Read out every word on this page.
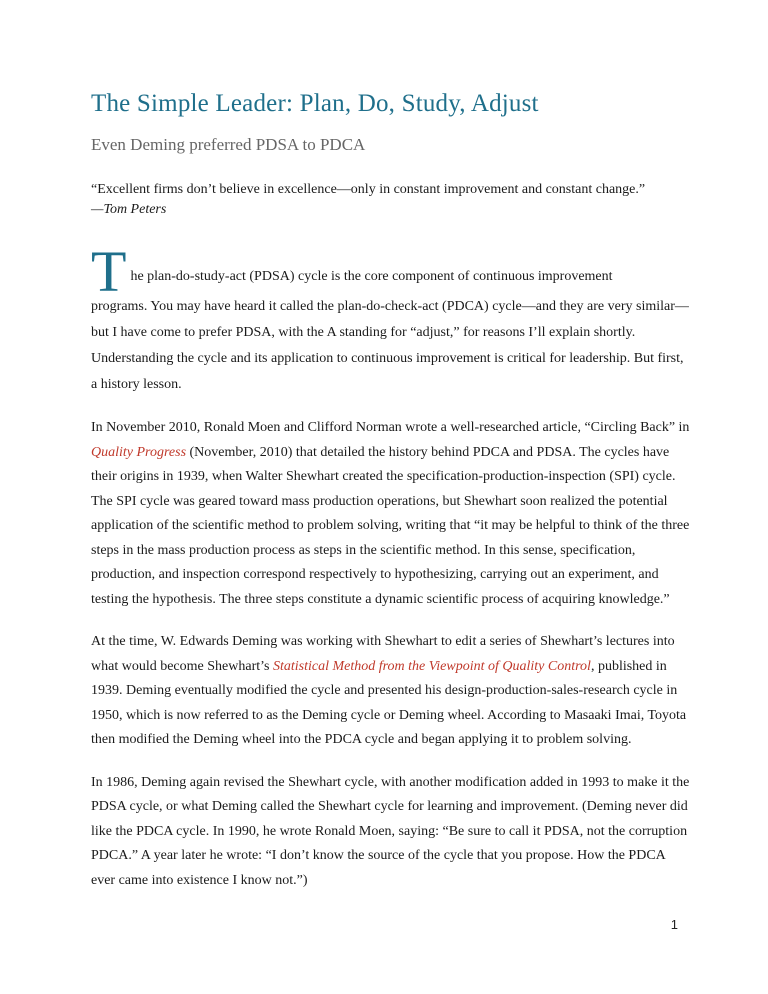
The Simple Leader: Plan, Do, Study, Adjust
Even Deming preferred PDSA to PDCA
“Excellent firms don’t believe in excellence—only in constant improvement and constant change.”
—Tom Peters
T he plan-do-study-act (PDSA) cycle is the core component of continuous improvement
programs. You may have heard it called the plan-do-check-act (PDCA) cycle—and they are very similar—but I have come to prefer PDSA, with the A standing for “adjust,” for reasons I’ll explain shortly. Understanding the cycle and its application to continuous improvement is critical for leadership. But first, a history lesson.

In November 2010, Ronald Moen and Clifford Norman wrote a well-researched article, “Circling Back” in Quality Progress (November, 2010) that detailed the history behind PDCA and PDSA. The cycles have their origins in 1939, when Walter Shewhart created the specification-production-inspection (SPI) cycle. The SPI cycle was geared toward mass production operations, but Shewhart soon realized the potential application of the scientific method to problem solving, writing that “it may be helpful to think of the three steps in the mass production process as steps in the scientific method. In this sense, specification, production, and inspection correspond respectively to hypothesizing, carrying out an experiment, and testing the hypothesis. The three steps constitute a dynamic scientific process of acquiring knowledge.”

At the time, W. Edwards Deming was working with Shewhart to edit a series of Shewhart’s lectures into what would become Shewhart’s Statistical Method from the Viewpoint of Quality Control, published in 1939. Deming eventually modified the cycle and presented his design-production-sales-research cycle in 1950, which is now referred to as the Deming cycle or Deming wheel. According to Masaaki Imai, Toyota then modified the Deming wheel into the PDCA cycle and began applying it to problem solving.

In 1986, Deming again revised the Shewhart cycle, with another modification added in 1993 to make it the PDSA cycle, or what Deming called the Shewhart cycle for learning and improvement. (Deming never did like the PDCA cycle. In 1990, he wrote Ronald Moen, saying: “Be sure to call it PDSA, not the corruption PDCA.” A year later he wrote: “I don’t know the source of the cycle that you propose. How the PDCA ever came into existence I know not.”)

1
